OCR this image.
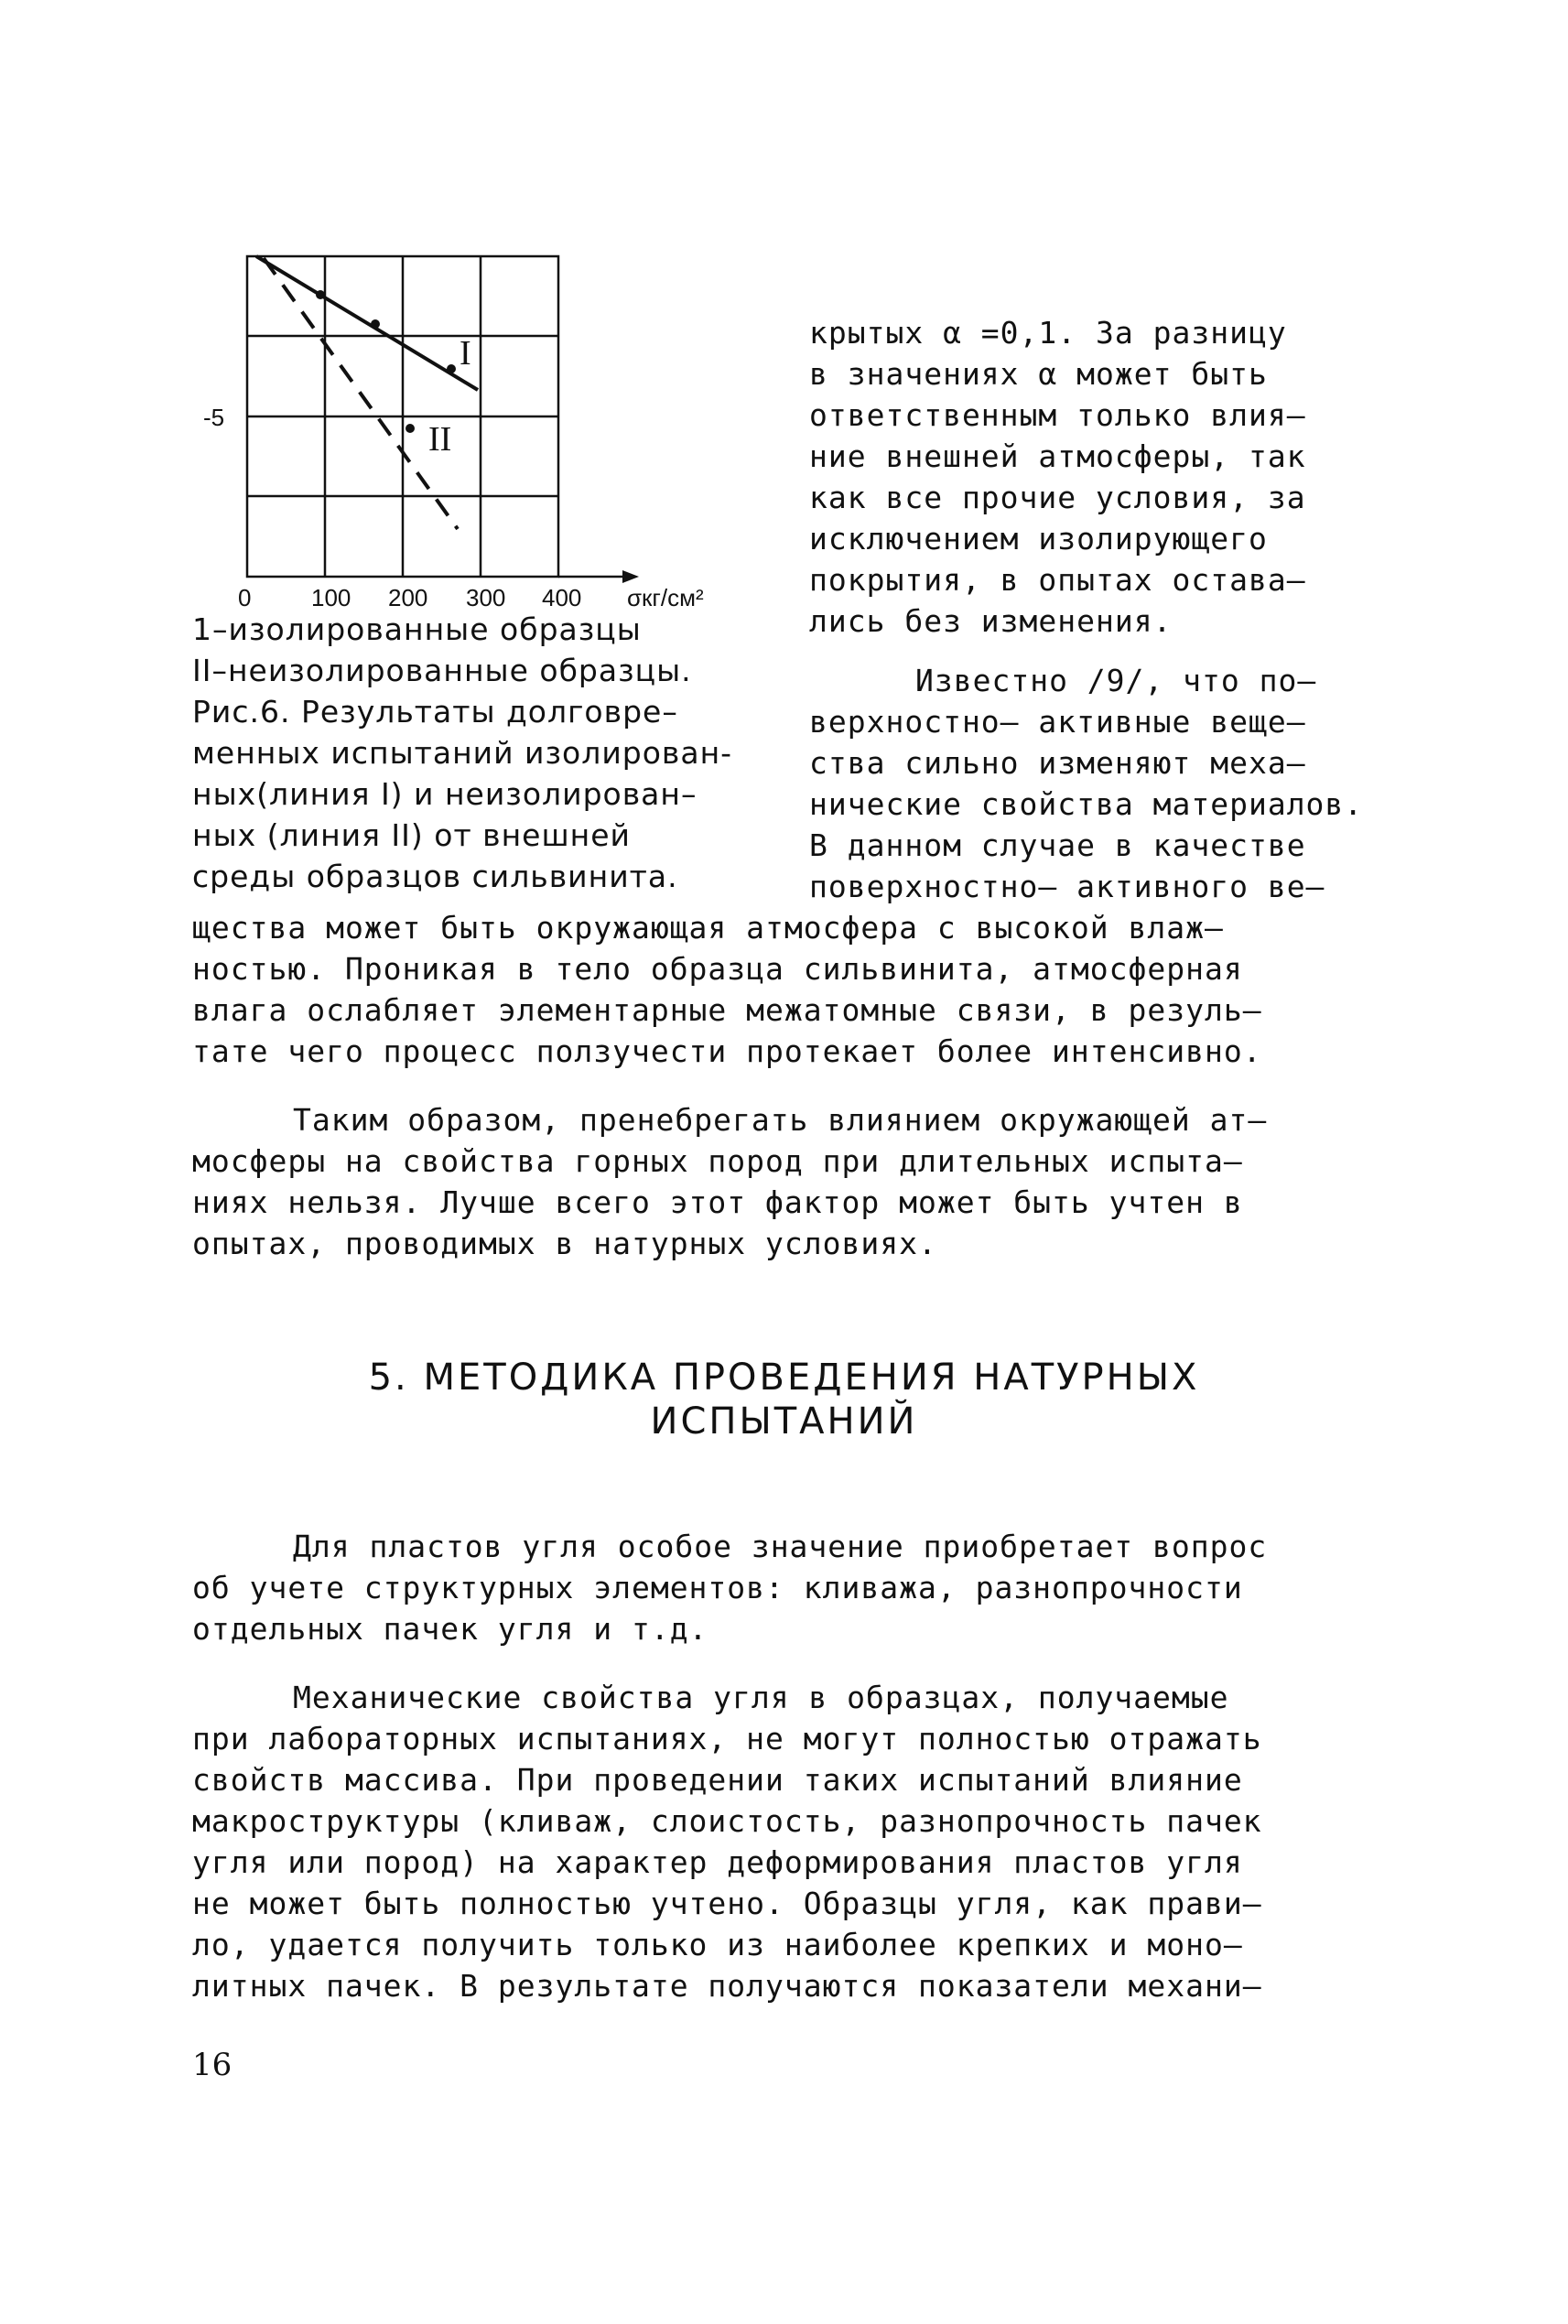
I
II
-5
0	100 200 300 400 σкг/см²
1–изолированные образцы
II–неизолированные образцы.
Рис.6. Результаты долговре–
менных испытаний изолирован-
ных(линия I) и неизолирован–
ных (линия II) от внешней
среды образцов сильвинита.
крытых α =0,1. За разницу
в значениях α может быть
ответственным только влия–
ние внешней атмосферы, так
как все прочие условия, за
исключением изолирующего
покрытия, в опытах остава–
лись без изменения.
Известно /9/, что по–
верхностно– активные веще–
ства сильно изменяют меха–
нические свойства материалов.
В данном случае в качестве
поверхностно– активного ве–
щества может быть окружающая атмосфера с высокой влаж–
ностью. Проникая в тело образца сильвинита, атмосферная
влага ослабляет элементарные межатомные связи, в резуль–
тате чего процесс ползучести протекает более интенсивно.
Таким образом, пренебрегать влиянием окружающей ат–
мосферы на свойства горных пород при длительных испыта–
ниях нельзя. Лучше всего этот фактор может быть учтен в
опытах, проводимых в натурных условиях.
5. МЕТОДИКА ПРОВЕДЕНИЯ НАТУРНЫХ
ИСПЫТАНИЙ
Для пластов угля особое значение приобретает вопрос
об учете структурных элементов: кливажа, разнопрочности
отдельных пачек угля и т.д.
Механические свойства угля в образцах, получаемые
при лабораторных испытаниях, не могут полностью отражать
свойств массива. При проведении таких испытаний влияние
макроструктуры (кливаж, слоистость, разнопрочность пачек
угля или пород) на характер деформирования пластов угля
не может быть полностью учтено. Образцы угля, как прави–
ло, удается получить только из наиболее крепких и моно–
литных пачек. В результате получаются показатели механи–
16
